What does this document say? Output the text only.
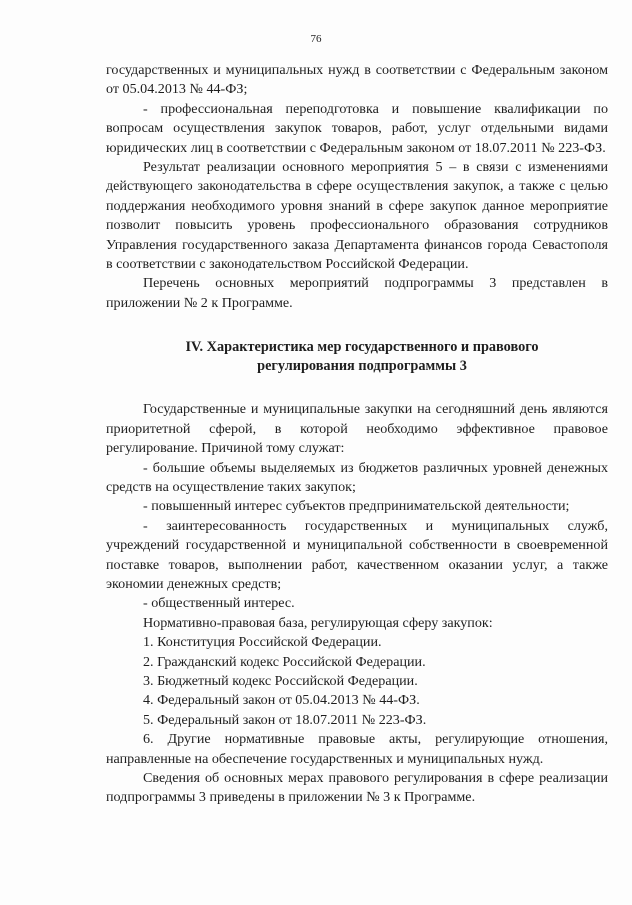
76

государственных и муниципальных нужд в соответствии с Федеральным законом от 05.04.2013 № 44-ФЗ;

- профессиональная переподготовка и повышение квалификации по вопросам осуществления закупок товаров, работ, услуг отдельными видами юридических лиц в соответствии с Федеральным законом от 18.07.2011 № 223-ФЗ.

Результат реализации основного мероприятия 5 – в связи с изменениями действующего законодательства в сфере осуществления закупок, а также с целью поддержания необходимого уровня знаний в сфере закупок данное мероприятие позволит повысить уровень профессионального образования сотрудников Управления государственного заказа Департамента финансов города Севастополя в соответствии с законодательством Российской Федерации.

Перечень основных мероприятий подпрограммы 3 представлен в приложении № 2 к Программе.

IV. Характеристика мер государственного и правового
регулирования подпрограммы 3

Государственные и муниципальные закупки на сегодняшний день являются приоритетной сферой, в которой необходимо эффективное правовое регулирование. Причиной тому служат:

- большие объемы выделяемых из бюджетов различных уровней денежных средств на осуществление таких закупок;

- повышенный интерес субъектов предпринимательской деятельности;

- заинтересованность государственных и муниципальных служб, учреждений государственной и муниципальной собственности в своевременной поставке товаров, выполнении работ, качественном оказании услуг, а также экономии денежных средств;

- общественный интерес.

Нормативно-правовая база, регулирующая сферу закупок:

1. Конституция Российской Федерации.

2. Гражданский кодекс Российской Федерации.

3. Бюджетный кодекс Российской Федерации.

4. Федеральный закон от 05.04.2013 № 44-ФЗ.

5. Федеральный закон от 18.07.2011 № 223-ФЗ.

6. Другие нормативные правовые акты, регулирующие отношения, направленные на обеспечение государственных и муниципальных нужд.

Сведения об основных мерах правового регулирования в сфере реализации подпрограммы 3 приведены в приложении № 3 к Программе.
